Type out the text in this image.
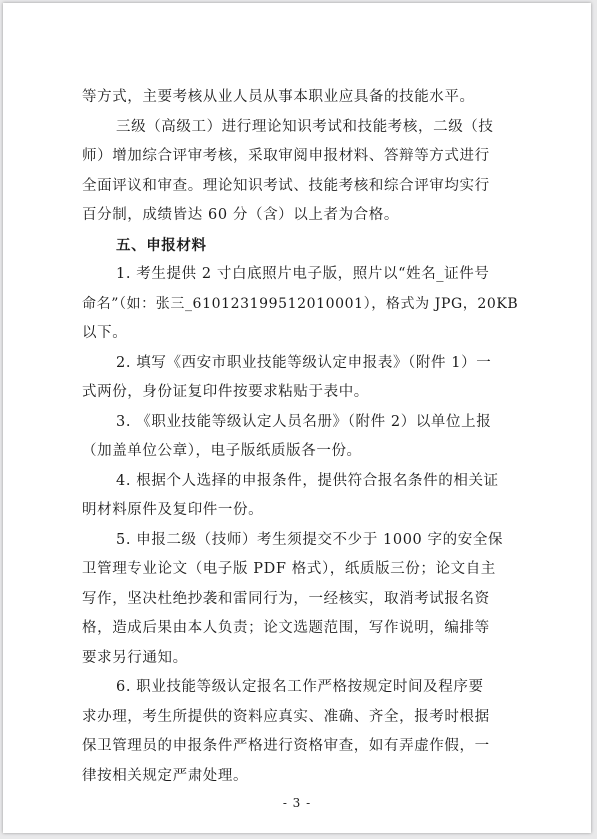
等方式，主要考核从业人员从事本职业应具备的技能水平。
三级（高级工）进行理论知识考试和技能考核，二级（技
师）增加综合评审考核，采取审阅申报材料、答辩等方式进行
全面评议和审查。理论知识考试、技能考核和综合评审均实行
百分制，成绩皆达 60 分（含）以上者为合格。
五、申报材料
1. 考生提供 2 寸白底照片电子版，照片以“姓名_证件号
命名”（如：张三_610123199512010001），格式为 JPG，20KB
以下。
2. 填写《西安市职业技能等级认定申报表》（附件 1）一
式两份，身份证复印件按要求粘贴于表中。
3. 《职业技能等级认定人员名册》（附件 2）以单位上报
（加盖单位公章），电子版纸质版各一份。
4. 根据个人选择的申报条件，提供符合报名条件的相关证
明材料原件及复印件一份。
5. 申报二级（技师）考生须提交不少于 1000 字的安全保
卫管理专业论文（电子版 PDF 格式），纸质版三份；论文自主
写作，坚决杜绝抄袭和雷同行为，一经核实，取消考试报名资
格，造成后果由本人负责；论文选题范围，写作说明，编排等
要求另行通知。
6. 职业技能等级认定报名工作严格按规定时间及程序要
求办理，考生所提供的资料应真实、准确、齐全，报考时根据
保卫管理员的申报条件严格进行资格审查，如有弄虚作假，一
律按相关规定严肃处理。
- 3 -
